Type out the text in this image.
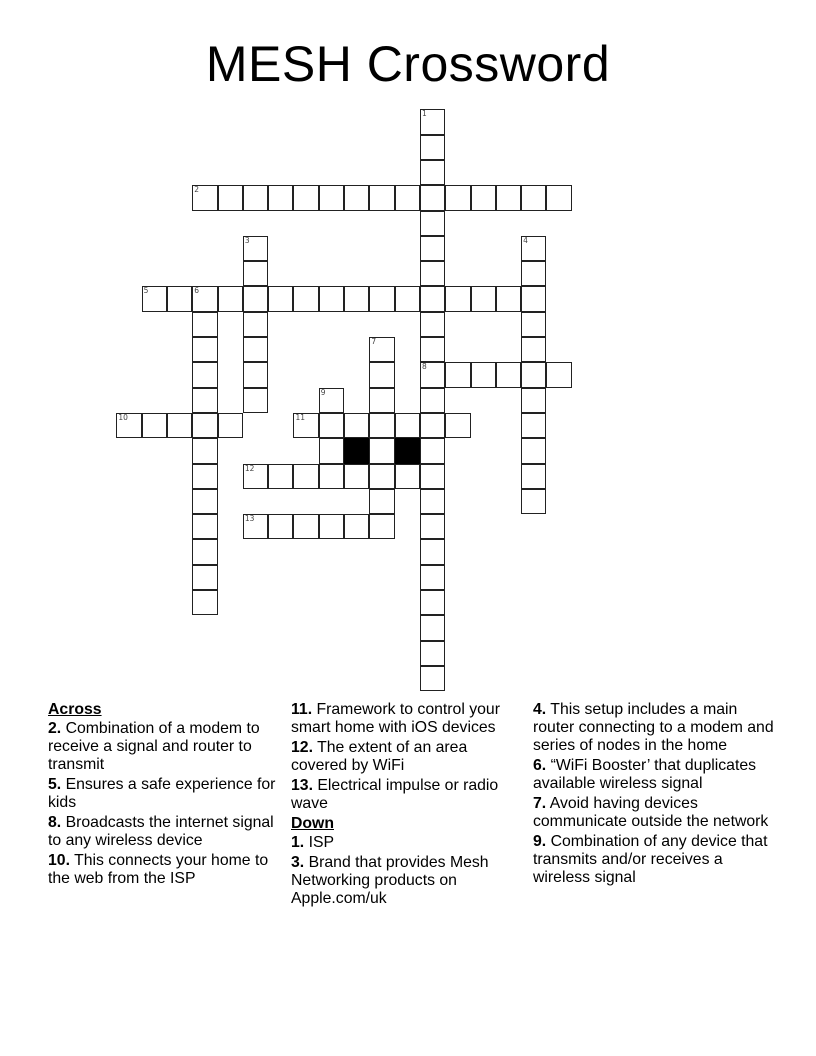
MESH Crossword
1
8
2
3	4
5	6
7
9
10	11
12
13
Across
2. Combination of a modem to receive a signal and router to transmit
5. Ensures a safe experience for kids
8. Broadcasts the internet signal to any wireless device
10. This connects your home to the web from the ISP
11. Framework to control your smart home with iOS devices
12. The extent of an area covered by WiFi
13. Electrical impulse or radio wave
Down
1. ISP
3. Brand that provides Mesh Networking products on Apple.com/uk
4. This setup includes a main router connecting to a modem and series of nodes in the home
6. “WiFi Booster’ that duplicates available wireless signal
7. Avoid having devices communicate outside the network
9. Combination of any device that transmits and/or receives a wireless signal
